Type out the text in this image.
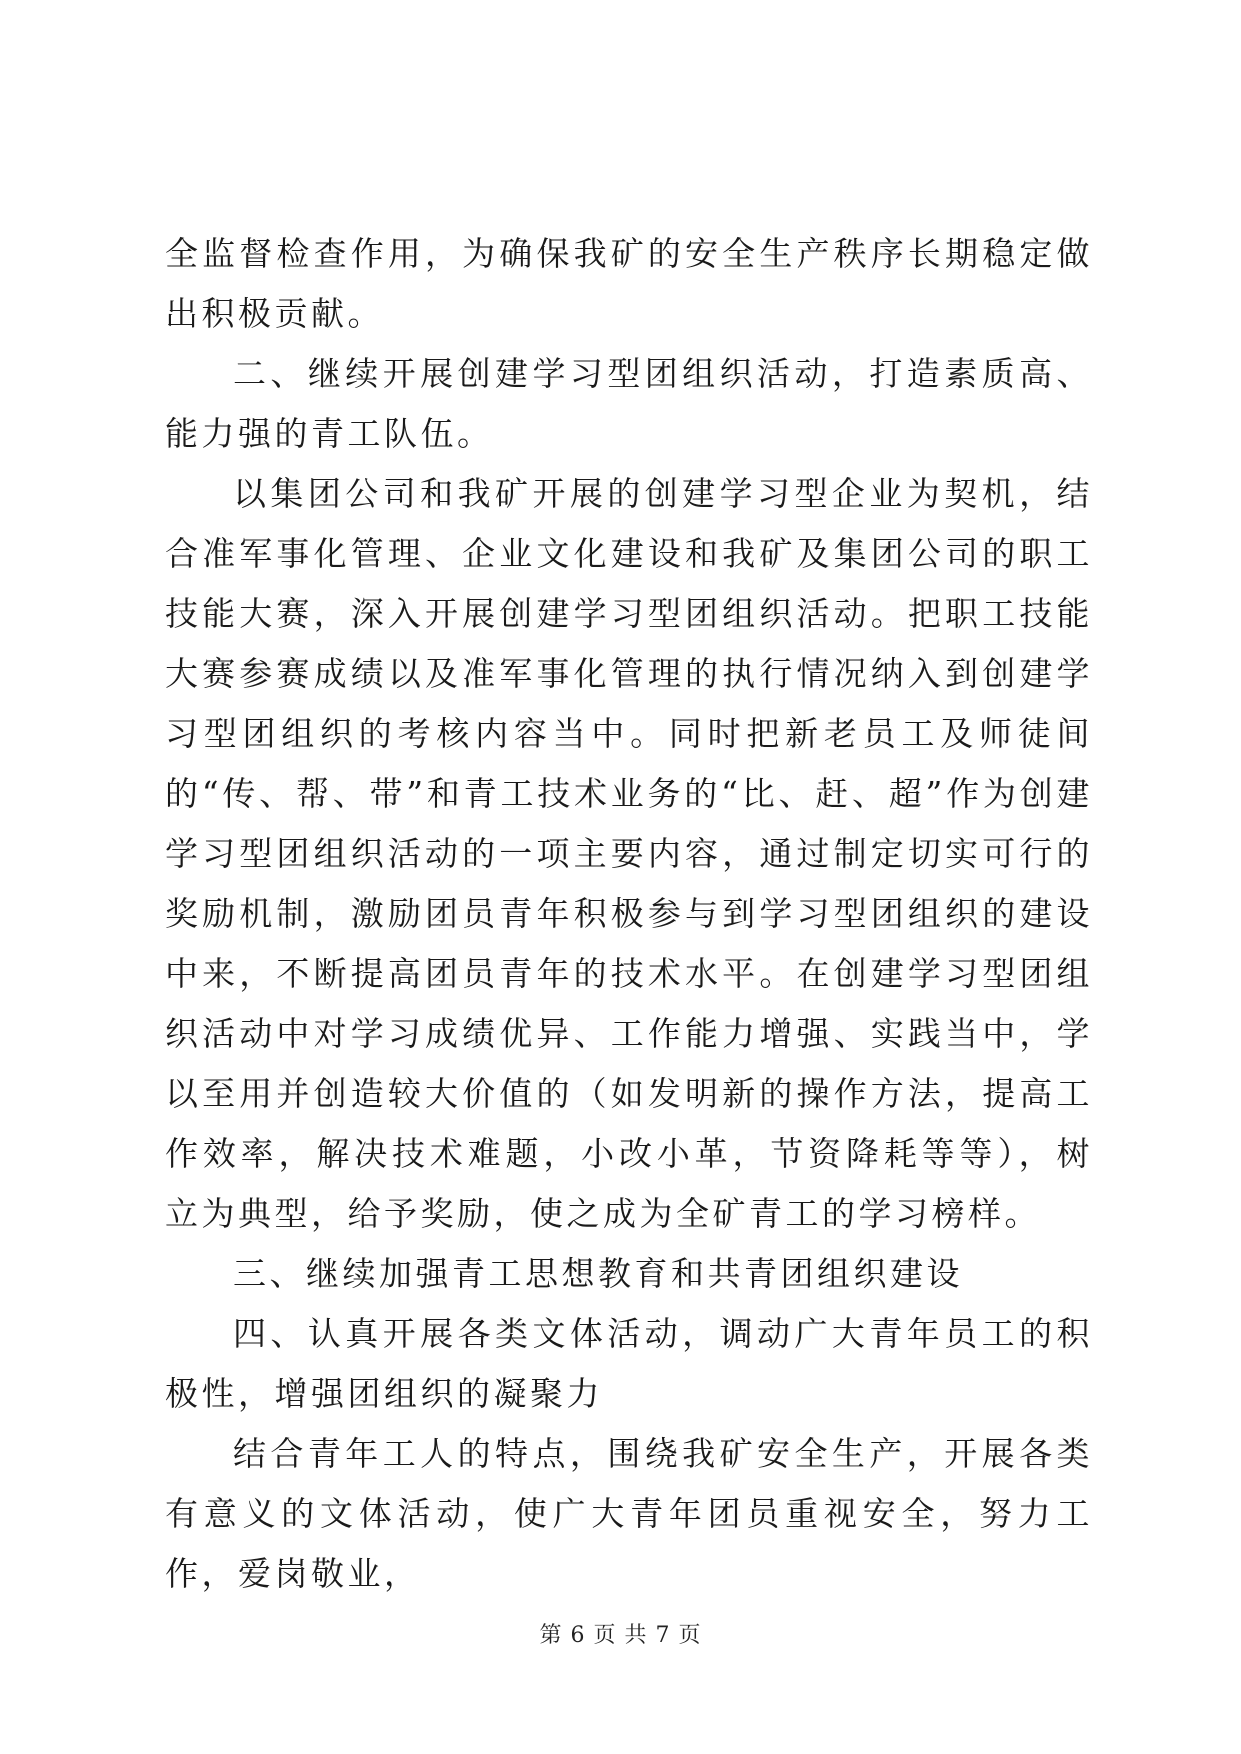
全监督检查作用，为确保我矿的安全生产秩序长期稳定做出积极贡献。

二、继续开展创建学习型团组织活动，打造素质高、能力强的青工队伍。

以集团公司和我矿开展的创建学习型企业为契机，结合准军事化管理、企业文化建设和我矿及集团公司的职工技能大赛，深入开展创建学习型团组织活动。把职工技能大赛参赛成绩以及准军事化管理的执行情况纳入到创建学习型团组织的考核内容当中。同时把新老员工及师徒间的“传、帮、带”和青工技术业务的“比、赶、超”作为创建学习型团组织活动的一项主要内容，通过制定切实可行的奖励机制，激励团员青年积极参与到学习型团组织的建设中来，不断提高团员青年的技术水平。在创建学习型团组织活动中对学习成绩优异、工作能力增强、实践当中，学以至用并创造较大价值的（如发明新的操作方法，提高工作效率，解决技术难题，小改小革，节资降耗等等），树立为典型，给予奖励，使之成为全矿青工的学习榜样。

三、继续加强青工思想教育和共青团组织建设

四、认真开展各类文体活动，调动广大青年员工的积极性，增强团组织的凝聚力

结合青年工人的特点，围绕我矿安全生产，开展各类有意义的文体活动，使广大青年团员重视安全，努力工作，爱岗敬业，

第 6 页 共 7 页
